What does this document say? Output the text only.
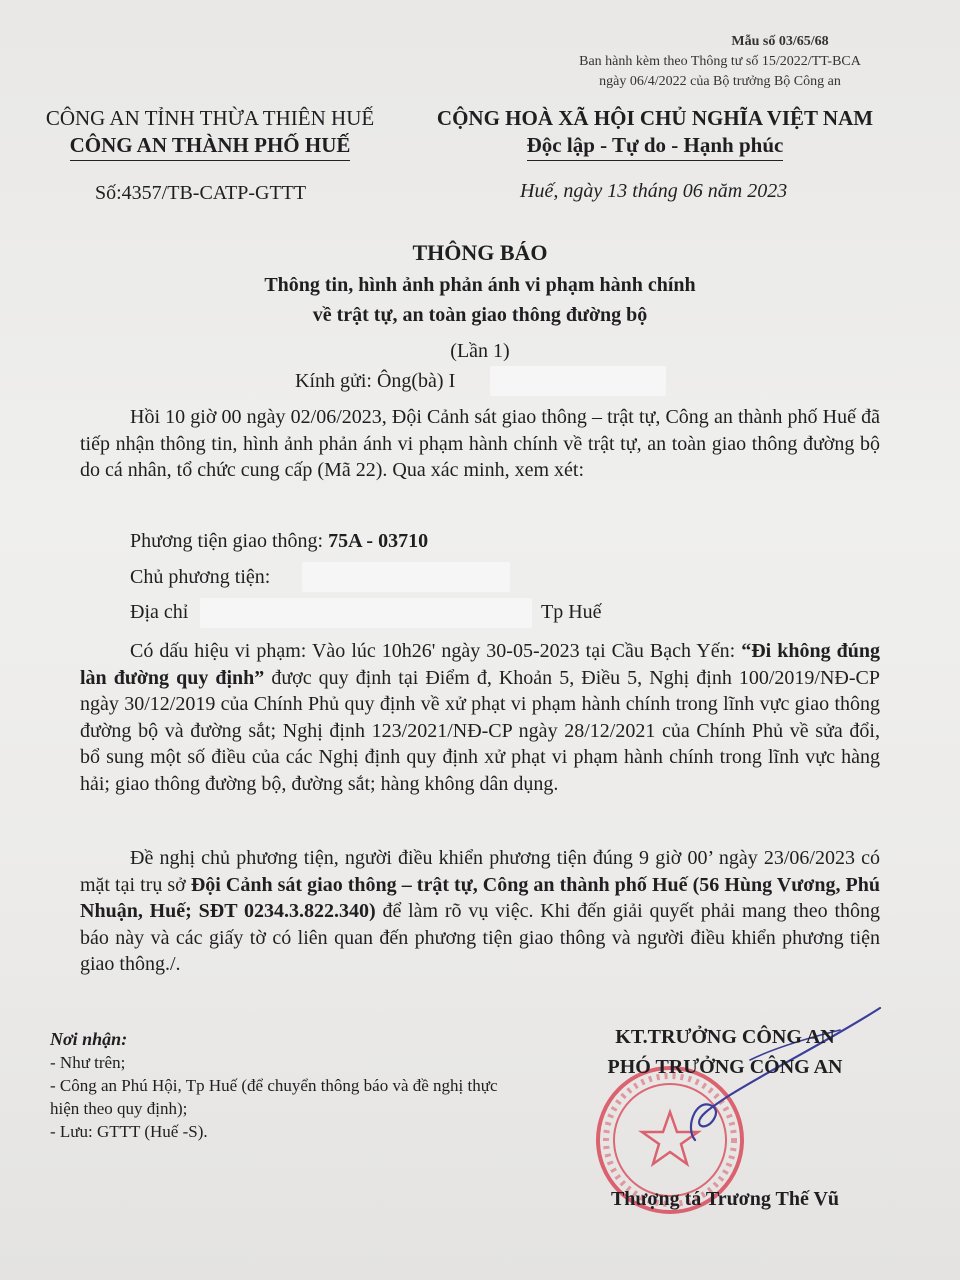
Mẫu số 03/65/68
Ban hành kèm theo Thông tư số 15/2022/TT-BCA
ngày 06/4/2022 của Bộ trưởng Bộ Công an
CÔNG AN TỈNH THỪA THIÊN HUẾ
CÔNG AN THÀNH PHỐ HUẾ
CỘNG HOÀ XÃ HỘI CHỦ NGHĨA VIỆT NAM
Độc lập - Tự do - Hạnh phúc
Số:4357/TB-CATP-GTTT	Huế, ngày 13 tháng 06 năm 2023
THÔNG BÁO
Thông tin, hình ảnh phản ánh vi phạm hành chính
về trật tự, an toàn giao thông đường bộ
(Lần 1)
Kính gửi: Ông(bà) I

Hồi 10 giờ 00 ngày 02/06/2023, Đội Cảnh sát giao thông – trật tự, Công an thành phố Huế đã tiếp nhận thông tin, hình ảnh phản ánh vi phạm hành chính về trật tự, an toàn giao thông đường bộ do cá nhân, tổ chức cung cấp (Mã 22). Qua xác minh, xem xét:

Phương tiện giao thông: 75A - 03710
Chủ phương tiện:
Địa chỉ	Tp Huế

Có dấu hiệu vi phạm: Vào lúc 10h26' ngày 30-05-2023 tại Cầu Bạch Yến: “Đi không đúng làn đường quy định” được quy định tại Điểm đ, Khoản 5, Điều 5, Nghị định 100/2019/NĐ-CP ngày 30/12/2019 của Chính Phủ quy định về xử phạt vi phạm hành chính trong lĩnh vực giao thông đường bộ và đường sắt; Nghị định 123/2021/NĐ-CP ngày 28/12/2021 của Chính Phủ về sửa đổi, bổ sung một số điều của các Nghị định quy định xử phạt vi phạm hành chính trong lĩnh vực hàng hải; giao thông đường bộ, đường sắt; hàng không dân dụng.

Đề nghị chủ phương tiện, người điều khiển phương tiện đúng 9 giờ 00’ ngày 23/06/2023 có mặt tại trụ sở Đội Cảnh sát giao thông – trật tự, Công an thành phố Huế (56 Hùng Vương, Phú Nhuận, Huế; SĐT 0234.3.822.340) để làm rõ vụ việc. Khi đến giải quyết phải mang theo thông báo này và các giấy tờ có liên quan đến phương tiện giao thông và người điều khiển phương tiện giao thông./.

Nơi nhận:
- Như trên;
- Công an Phú Hội, Tp Huế (để chuyển thông báo và đề nghị thực hiện theo quy định);
- Lưu: GTTT (Huế -S).
KT.TRƯỞNG CÔNG AN
PHÓ TRƯỞNG CÔNG AN
Thượng tá Trương Thế Vũ
